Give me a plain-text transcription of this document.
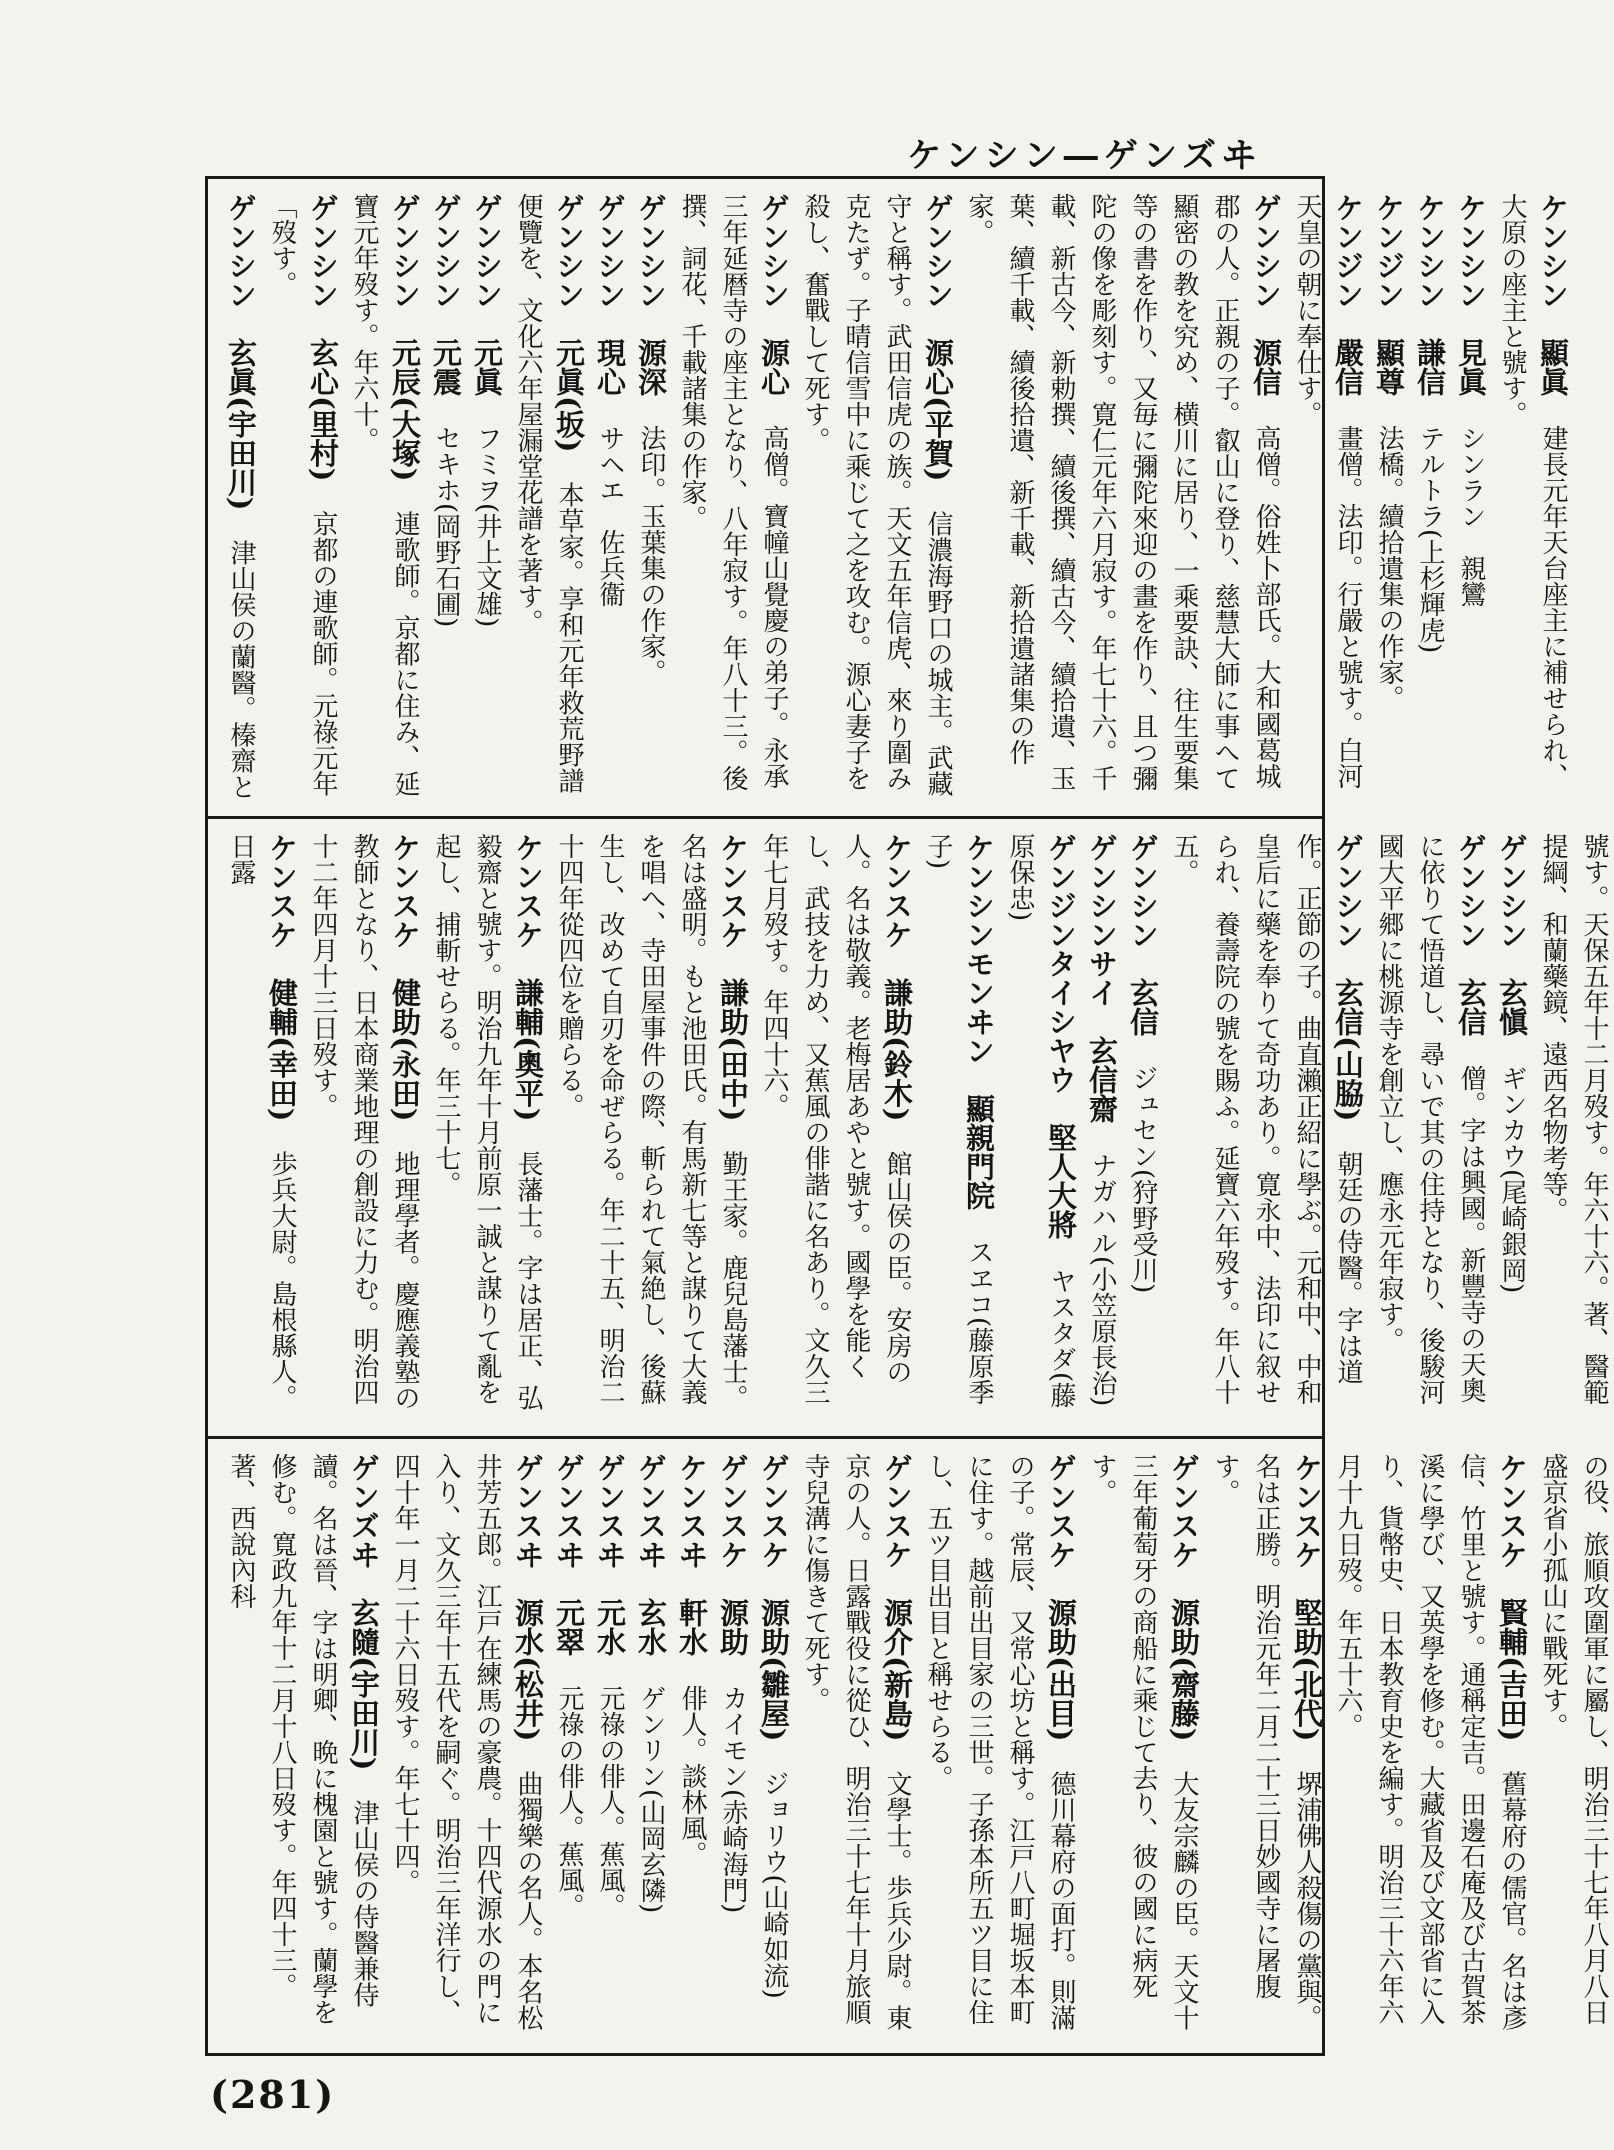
ケンシン―ゲンズヰ
ケンシン　顯眞　建長元年天台座主に補せられ、大原の座主と號す。
ケンシン　見眞　シンラン　親鸞
ケンシン　謙信　テルトラ(上杉輝虎)
ケンジン　顯尊　法橋。續拾遺集の作家。
ケンジン　嚴信　畫僧。法印。行嚴と號す。白河天皇の朝に奉仕す。
ゲンシン　源信　高僧。俗姓卜部氏。大和國葛城郡の人。正親の子。叡山に登り、慈慧大師に事へて顯密の教を究め、横川に居り、一乘要訣、往生要集等の書を作り、又毎に彌陀來迎の畫を作り、且つ彌陀の像を彫刻す。寛仁元年六月寂す。年七十六。千載、新古今、新勅撰、續後撰、續古今、續拾遺、玉葉、續千載、續後拾遺、新千載、新拾遺諸集の作家。
ゲンシン　源心(平賀)　信濃海野口の城主。武藏守と稱す。武田信虎の族。天文五年信虎、來り圍み克たず。子晴信雪中に乘じて之を攻む。源心妻子を殺し、奮戰して死す。
ゲンシン　源心　高僧。寶幢山覺慶の弟子。永承三年延暦寺の座主となり、八年寂す。年八十三。後撰、詞花、千載諸集の作家。
ゲンシン　源深　法印。玉葉集の作家。
ゲンシン　現心　サヘエ　佐兵衞
ゲンシン　元眞(坂)　本草家。享和元年救荒野譜便覽を、文化六年屋漏堂花譜を著す。
ゲンシン　元眞　フミヲ(井上文雄)
ゲンシン　元震　セキホ(岡野石圃)
ゲンシン　元辰(大塚)　連歌師。京都に住み、延寶元年歿す。年六十。
ゲンシン　玄心(里村)　京都の連歌師。元祿元年「歿す。
ゲンシン　玄眞(宇田川)　津山侯の蘭醫。榛齋と
號す。天保五年十二月歿す。年六十六。著、醫範提綱、和蘭藥鏡、遠西名物考等。
ゲンシン　玄愼　ギンカウ(尾崎銀岡)
ゲンシン　玄信　僧。字は興國。新豐寺の天奧に依りて悟道し、尋いで其の住持となり、後駿河國大平郷に桃源寺を創立し、應永元年寂す。
ゲンシン　玄信(山脇)　朝廷の侍醫。字は道作。正節の子。曲直瀨正紹に學ぶ。元和中、中和皇后に藥を奉りて奇功あり。寛永中、法印に叙せられ、養壽院の號を賜ふ。延寶六年歿す。年八十五。
ゲンシン　玄信　ジュセン(狩野受川)
ゲンシンサイ　玄信齋　ナガハル(小笠原長治)
ゲンジンタイシヤウ　堅人大將　ヤスタダ(藤原保忠)
ケンシンモンヰン　顯親門院　スヱコ(藤原季子)
ケンスケ　謙助(鈴木)　館山侯の臣。安房の人。名は敬義。老梅居あやと號す。國學を能くし、武技を力め、又蕉風の俳諧に名あり。文久三年七月歿す。年四十六。
ケンスケ　謙助(田中)　勤王家。鹿兒島藩士。名は盛明。もと池田氏。有馬新七等と謀りて大義を唱へ、寺田屋事件の際、斬られて氣絶し、後蘇生し、改めて自刃を命ぜらる。年二十五、明治二十四年從四位を贈らる。
ケンスケ　謙輔(奧平)　長藩士。字は居正、弘毅齋と號す。明治九年十月前原一誠と謀りて亂を起し、捕斬せらる。年三十七。
ケンスケ　健助(永田)　地理學者。慶應義塾の教師となり、日本商業地理の創設に力む。明治四十二年四月十三日歿す。
ケンスケ　健輔(幸田)　歩兵大尉。島根縣人。日露
の役、旅順攻圍軍に屬し、明治三十七年八月八日盛京省小孤山に戰死す。
ケンスケ　賢輔(吉田)　舊幕府の儒官。名は彥信、竹里と號す。通稱定吉。田邊石庵及び古賀茶溪に學び、又英學を修む。大藏省及び文部省に入り、貨幣史、日本教育史を編す。明治三十六年六月十九日歿。年五十六。
ケンスケ　堅助(北代)　堺浦佛人殺傷の黨與。名は正勝。明治元年二月二十三日妙國寺に屠腹す。
ゲンスケ　源助(齋藤)　大友宗麟の臣。天文十三年葡萄牙の商船に乘じて去り、彼の國に病死す。
ゲンスケ　源助(出目)　德川幕府の面打。則滿の子。常辰、又常心坊と稱す。江戸八町堀坂本町に住す。越前出目家の三世。子孫本所五ツ目に住し、五ツ目出目と稱せらる。
ゲンスケ　源介(新島)　文學士。歩兵少尉。東京の人。日露戰役に從ひ、明治三十七年十月旅順寺兒溝に傷きて死す。
ゲンスケ　源助(雛屋)　ジョリウ(山崎如流)
ゲンスケ　源助　カイモン(赤崎海門)
ケンスヰ　軒水　俳人。談林風。
ゲンスヰ　玄水　ゲンリン(山岡玄隣)
ゲンスヰ　元水　元祿の俳人。蕉風。
ゲンスヰ　元翠　元祿の俳人。蕉風。
ゲンスヰ　源水(松井)　曲獨樂の名人。本名松井芳五郎。江戸在練馬の豪農。十四代源水の門に入り、文久三年十五代を嗣ぐ。明治三年洋行し、四十年一月二十六日歿す。年七十四。
ゲンズヰ　玄隨(宇田川)　津山侯の侍醫兼侍讀。名は晉、字は明卿、晩に槐園と號す。蘭學を修む。寬政九年十二月十八日歿す。年四十三。著、西說內科
(281)
